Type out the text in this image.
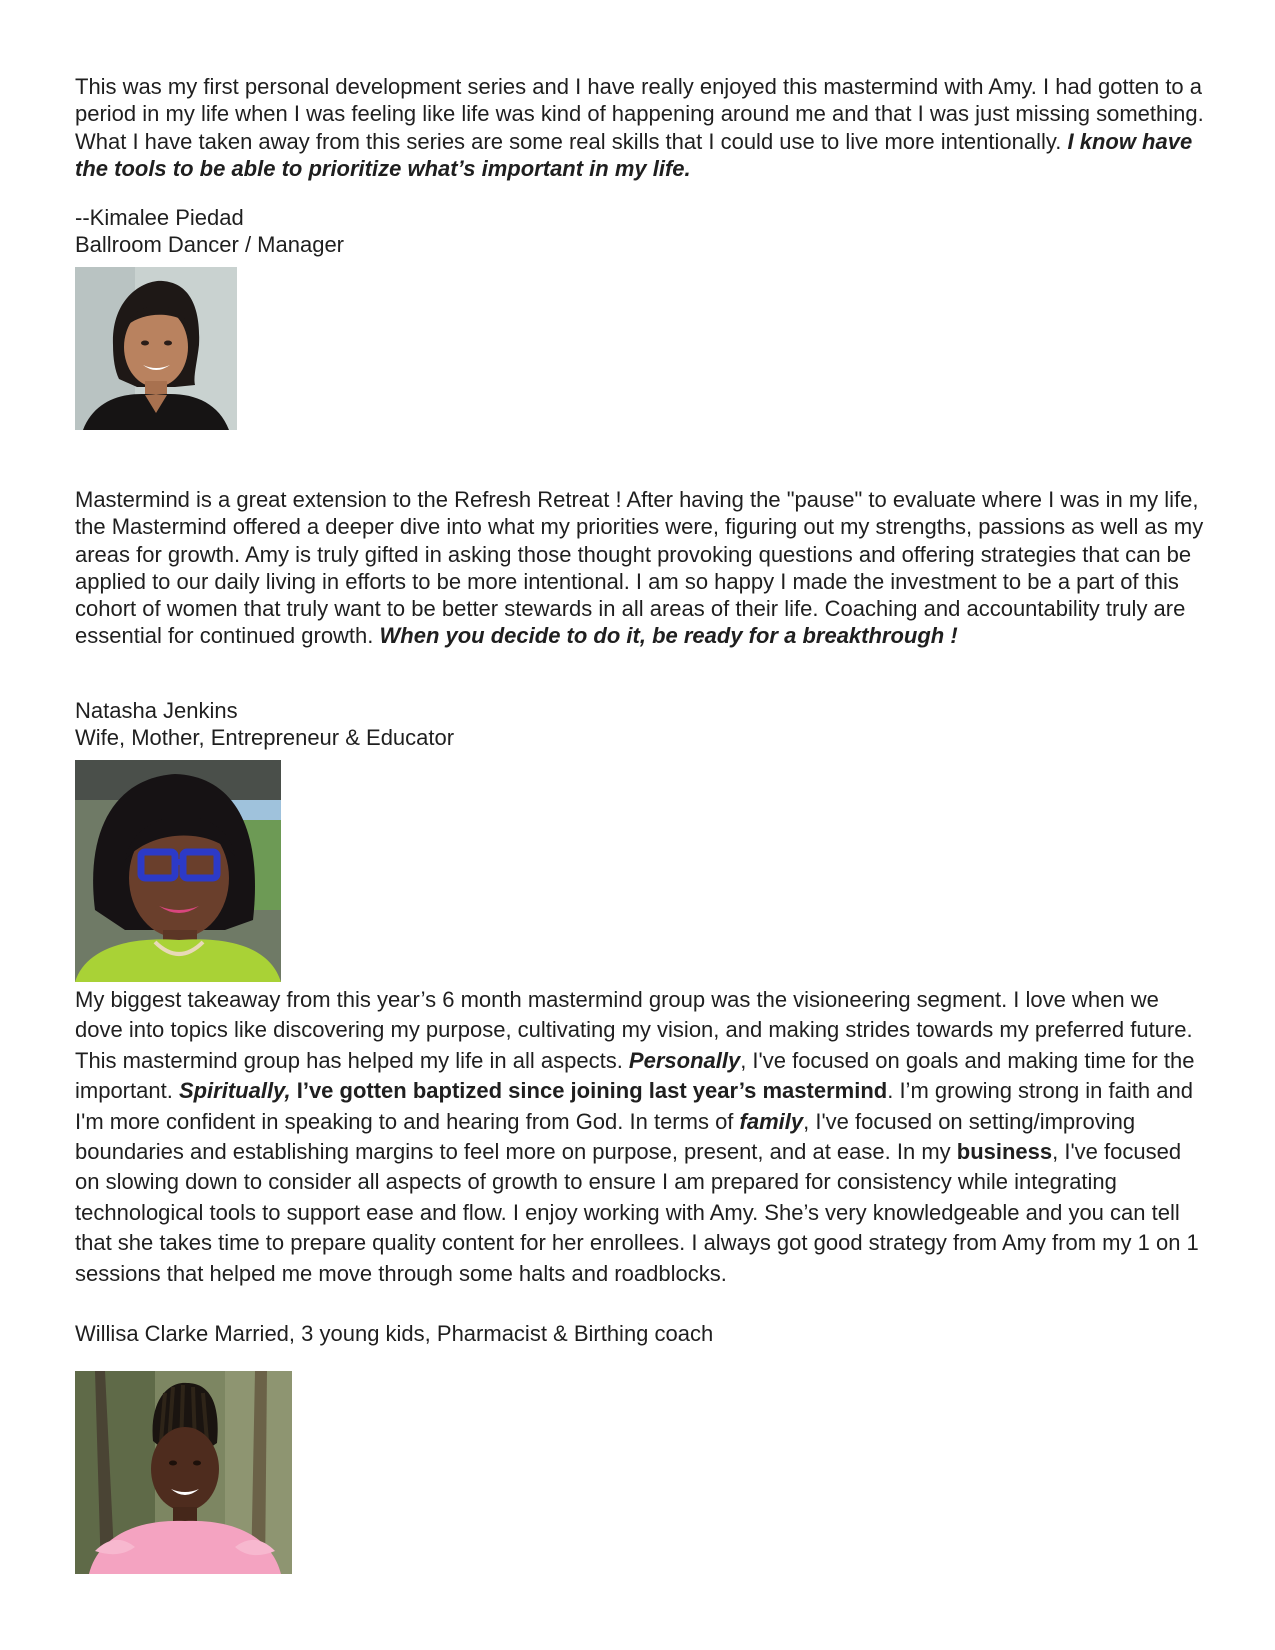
This was my first personal development series and I have really enjoyed this mastermind with Amy. I had gotten to a period in my life when I was feeling like life was kind of happening around me and that I was just missing something. What I have taken away from this series are some real skills that I could use to live more intentionally. I know have the tools to be able to prioritize what’s important in my life.

--Kimalee Piedad
Ballroom Dancer / Manager

Mastermind is a great extension to the Refresh Retreat ! After having the "pause" to evaluate where I was in my life, the Mastermind offered a deeper dive into what my priorities were, figuring out my strengths, passions as well as my areas for growth. Amy is truly gifted in asking those thought provoking questions and offering strategies that can be applied to our daily living in efforts to be more intentional. I am so happy I made the investment to be a part of this cohort of women that truly want to be better stewards in all areas of their life. Coaching and accountability truly are essential for continued growth. When you decide to do it, be ready for a breakthrough !

Natasha Jenkins
Wife, Mother, Entrepreneur & Educator

My biggest takeaway from this year’s 6 month mastermind group was the visioneering segment. I love when we dove into topics like discovering my purpose, cultivating my vision, and making strides towards my preferred future. This mastermind group has helped my life in all aspects. Personally, I've focused on goals and making time for the important. Spiritually, I’ve gotten baptized since joining last year’s mastermind. I’m growing strong in faith and I'm more confident in speaking to and hearing from God. In terms of family, I've focused on setting/improving boundaries and establishing margins to feel more on purpose, present, and at ease. In my business, I've focused on slowing down to consider all aspects of growth to ensure I am prepared for consistency while integrating technological tools to support ease and flow. I enjoy working with Amy. She’s very knowledgeable and you can tell that she takes time to prepare quality content for her enrollees. I always got good strategy from Amy from my 1 on 1 sessions that helped me move through some halts and roadblocks.

Willisa Clarke Married, 3 young kids, Pharmacist & Birthing coach
